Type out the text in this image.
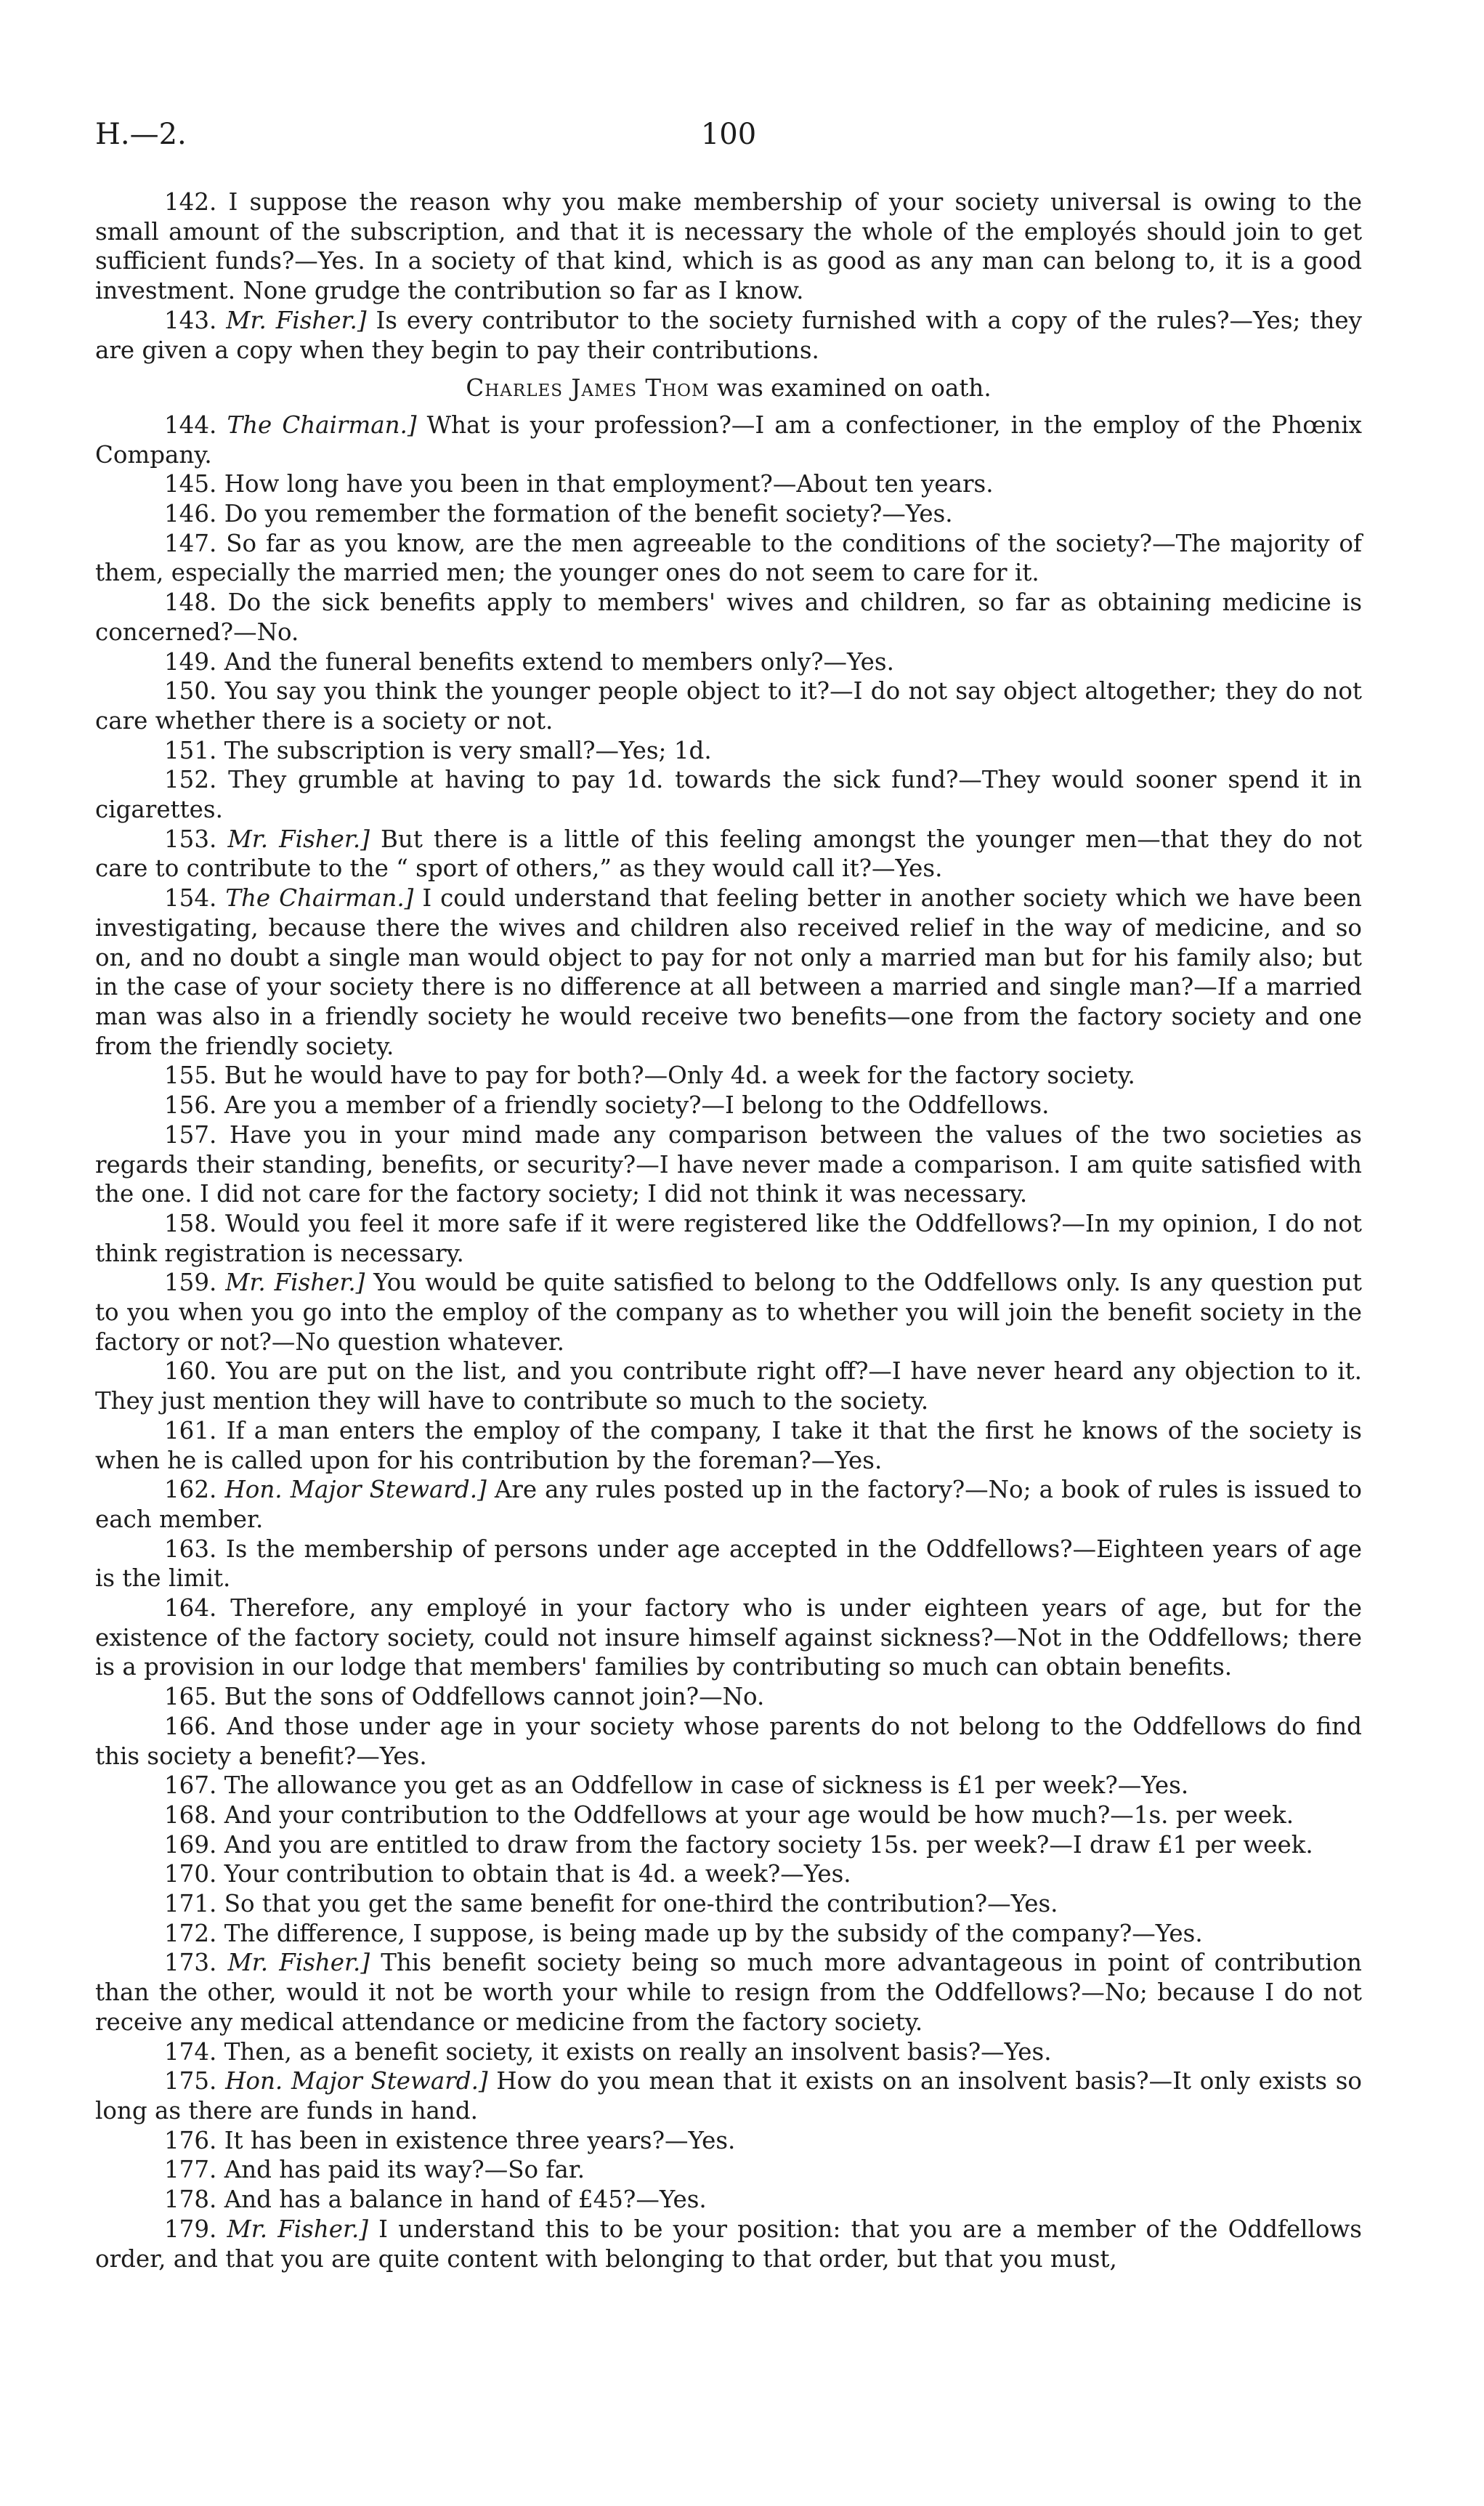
H.—2.	100

142. I suppose the reason why you make membership of your society universal is owing to the small amount of the subscription, and that it is necessary the whole of the employés should join to get sufficient funds?—Yes. In a society of that kind, which is as good as any man can belong to, it is a good investment. None grudge the contribution so far as I know.

143. Mr. Fisher.] Is every contributor to the society furnished with a copy of the rules?—Yes; they are given a copy when they begin to pay their contributions.

Charles James Thom was examined on oath.

144. The Chairman.] What is your profession?—I am a confectioner, in the employ of the Phœnix Company.

145. How long have you been in that employment?—About ten years.

146. Do you remember the formation of the benefit society?—Yes.

147. So far as you know, are the men agreeable to the conditions of the society?—The majority of them, especially the married men; the younger ones do not seem to care for it.

148. Do the sick benefits apply to members' wives and children, so far as obtaining medicine is concerned?—No.

149. And the funeral benefits extend to members only?—Yes.

150. You say you think the younger people object to it?—I do not say object altogether; they do not care whether there is a society or not.

151. The subscription is very small?—Yes; 1d.

152. They grumble at having to pay 1d. towards the sick fund?—They would sooner spend it in cigarettes.

153. Mr. Fisher.] But there is a little of this feeling amongst the younger men—that they do not care to contribute to the “ sport of others,” as they would call it?—Yes.

154. The Chairman.] I could understand that feeling better in another society which we have been investigating, because there the wives and children also received relief in the way of medicine, and so on, and no doubt a single man would object to pay for not only a married man but for his family also; but in the case of your society there is no difference at all between a married and single man?—If a married man was also in a friendly society he would receive two benefits—one from the factory society and one from the friendly society.

155. But he would have to pay for both?—Only 4d. a week for the factory society.

156. Are you a member of a friendly society?—I belong to the Oddfellows.

157. Have you in your mind made any comparison between the values of the two societies as regards their standing, benefits, or security?—I have never made a comparison. I am quite satisfied with the one. I did not care for the factory society; I did not think it was necessary.

158. Would you feel it more safe if it were registered like the Oddfellows?—In my opinion, I do not think registration is necessary.

159. Mr. Fisher.] You would be quite satisfied to belong to the Oddfellows only. Is any question put to you when you go into the employ of the company as to whether you will join the benefit society in the factory or not?—No question whatever.

160. You are put on the list, and you contribute right off?—I have never heard any objection to it. They just mention they will have to contribute so much to the society.

161. If a man enters the employ of the company, I take it that the first he knows of the society is when he is called upon for his contribution by the foreman?—Yes.

162. Hon. Major Steward.] Are any rules posted up in the factory?—No; a book of rules is issued to each member.

163. Is the membership of persons under age accepted in the Oddfellows?—Eighteen years of age is the limit.

164. Therefore, any employé in your factory who is under eighteen years of age, but for the existence of the factory society, could not insure himself against sickness?—Not in the Oddfellows; there is a provision in our lodge that members' families by contributing so much can obtain benefits.

165. But the sons of Oddfellows cannot join?—No.

166. And those under age in your society whose parents do not belong to the Oddfellows do find this society a benefit?—Yes.

167. The allowance you get as an Oddfellow in case of sickness is £1 per week?—Yes.

168. And your contribution to the Oddfellows at your age would be how much?—1s. per week.

169. And you are entitled to draw from the factory society 15s. per week?—I draw £1 per week.

170. Your contribution to obtain that is 4d. a week?—Yes.

171. So that you get the same benefit for one-third the contribution?—Yes.

172. The difference, I suppose, is being made up by the subsidy of the company?—Yes.

173. Mr. Fisher.] This benefit society being so much more advantageous in point of contribution than the other, would it not be worth your while to resign from the Oddfellows?—No; because I do not receive any medical attendance or medicine from the factory society.

174. Then, as a benefit society, it exists on really an insolvent basis?—Yes.

175. Hon. Major Steward.] How do you mean that it exists on an insolvent basis?—It only exists so long as there are funds in hand.

176. It has been in existence three years?—Yes.

177. And has paid its way?—So far.

178. And has a balance in hand of £45?—Yes.

179. Mr. Fisher.] I understand this to be your position: that you are a member of the Oddfellows order, and that you are quite content with belonging to that order, but that you must,
